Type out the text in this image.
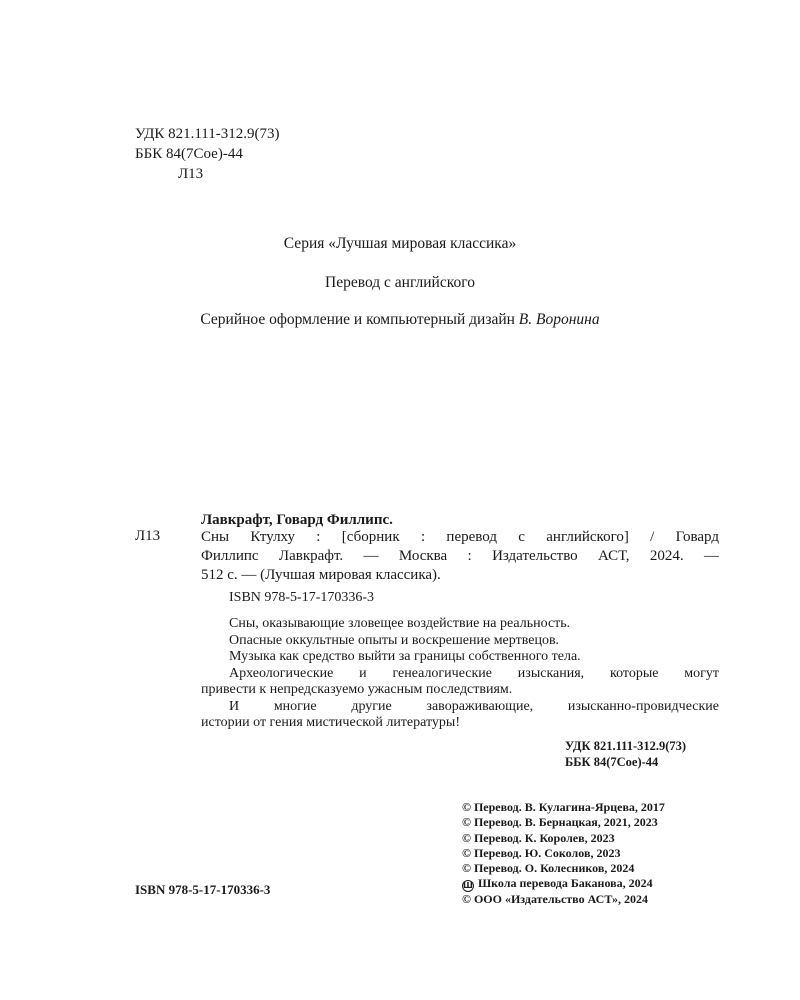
УДК 821.111-312.9(73)
ББК 84(7Сое)-44
Л13
Серия «Лучшая мировая классика»
Перевод с английского
Серийное оформление и компьютерный дизайн В. Воронина
Лавкрафт, Говард Филлипс.
Л13	Сны Ктулху : [сборник : перевод с английского] / Говард
Филлипс Лавкрафт. — Москва : Издательство АСТ, 2024. —
512 с. — (Лучшая мировая классика).
ISBN 978-5-17-170336-3

Сны, оказывающие зловещее воздействие на реальность.

Опасные оккультные опыты и воскрешение мертвецов.

Музыка как средство выйти за границы собственного тела.

Археологические и генеалогические изыскания, которые могут

привести к непредсказуемо ужасным последствиям.

И многие другие завораживающие, изысканно-провидческие

истории от гения мистической литературы!

УДК 821.111-312.9(73)
ББК 84(7Сое)-44
© Перевод. В. Кулагина-Ярцева, 2017
© Перевод. В. Бернацкая, 2021, 2023
© Перевод. К. Королев, 2023
© Перевод. Ю. Соколов, 2023
© Перевод. О. Колесников, 2024
Ш Школа перевода Баканова, 2024
© ООО «Издательство АСТ», 2024
ISBN 978-5-17-170336-3
